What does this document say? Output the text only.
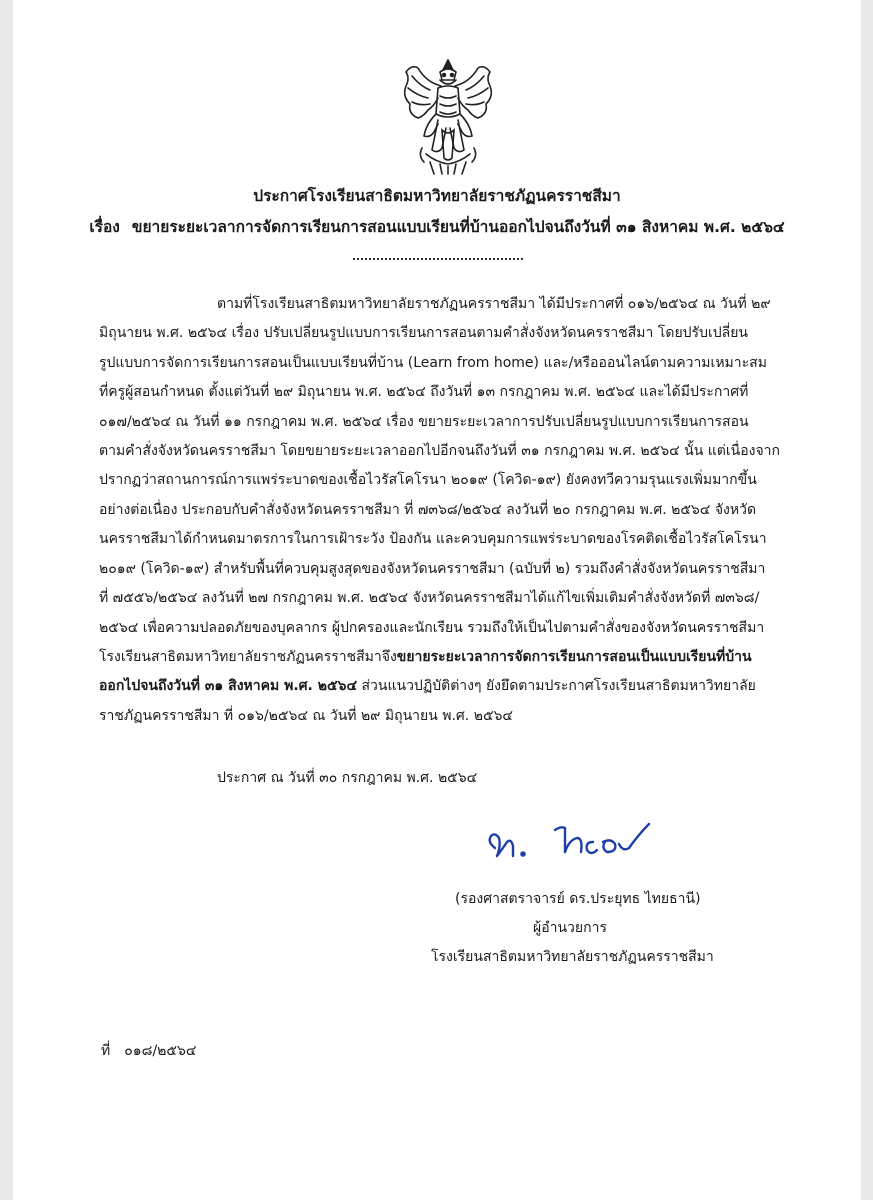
ประกาศโรงเรียนสาธิตมหาวิทยาลัยราชภัฏนครราชสีมา
เรื่อง ขยายระยะเวลาการจัดการเรียนการสอนแบบเรียนที่บ้านออกไปจนถึงวันที่ ๓๑ สิงหาคม พ.ศ. ๒๕๖๔
ตามที่โรงเรียนสาธิตมหาวิทยาลัยราชภัฏนครราชสีมา ได้มีประกาศที่ ๐๑๖/๒๕๖๔ ณ วันที่ ๒๙
มิถุนายน พ.ศ. ๒๕๖๔ เรื่อง ปรับเปลี่ยนรูปแบบการเรียนการสอนตามคำสั่งจังหวัดนครราชสีมา โดยปรับเปลี่ยน
รูปแบบการจัดการเรียนการสอนเป็นแบบเรียนที่บ้าน (Learn from home) และ/หรือออนไลน์ตามความเหมาะสม
ที่ครูผู้สอนกำหนด ตั้งแต่วันที่ ๒๙ มิถุนายน พ.ศ. ๒๕๖๔ ถึงวันที่ ๑๓ กรกฎาคม พ.ศ. ๒๕๖๔ และได้มีประกาศที่
๐๑๗/๒๕๖๔ ณ วันที่ ๑๑ กรกฎาคม พ.ศ. ๒๕๖๔ เรื่อง ขยายระยะเวลาการปรับเปลี่ยนรูปแบบการเรียนการสอน
ตามคำสั่งจังหวัดนครราชสีมา โดยขยายระยะเวลาออกไปอีกจนถึงวันที่ ๓๑ กรกฎาคม พ.ศ. ๒๕๖๔ นั้น แต่เนื่องจาก
ปรากฏว่าสถานการณ์การแพร่ระบาดของเชื้อไวรัสโคโรนา ๒๐๑๙ (โควิด-๑๙) ยังคงทวีความรุนแรงเพิ่มมากขึ้น
อย่างต่อเนื่อง ประกอบกับคำสั่งจังหวัดนครราชสีมา ที่ ๗๓๖๘/๒๕๖๔ ลงวันที่ ๒๐ กรกฎาคม พ.ศ. ๒๕๖๔ จังหวัด
นครราชสีมาได้กำหนดมาตรการในการเฝ้าระวัง ป้องกัน และควบคุมการแพร่ระบาดของโรคติดเชื้อไวรัสโคโรนา
๒๐๑๙ (โควิด-๑๙) สำหรับพื้นที่ควบคุมสูงสุดของจังหวัดนครราชสีมา (ฉบับที่ ๒) รวมถึงคำสั่งจังหวัดนครราชสีมา
ที่ ๗๕๕๖/๒๕๖๔ ลงวันที่ ๒๗ กรกฎาคม พ.ศ. ๒๕๖๔ จังหวัดนครราชสีมาได้แก้ไขเพิ่มเติมคำสั่งจังหวัดที่ ๗๓๖๘/
๒๕๖๔ เพื่อความปลอดภัยของบุคลากร ผู้ปกครองและนักเรียน รวมถึงให้เป็นไปตามคำสั่งของจังหวัดนครราชสีมา
โรงเรียนสาธิตมหาวิทยาลัยราชภัฏนครราชสีมาจึงขยายระยะเวลาการจัดการเรียนการสอนเป็นแบบเรียนที่บ้าน
ออกไปจนถึงวันที่ ๓๑ สิงหาคม พ.ศ. ๒๕๖๔ ส่วนแนวปฏิบัติต่างๆ ยังยึดตามประกาศโรงเรียนสาธิตมหาวิทยาลัย
ราชภัฏนครราชสีมา ที่ ๐๑๖/๒๕๖๔ ณ วันที่ ๒๙ มิถุนายน พ.ศ. ๒๕๖๔
ประกาศ ณ วันที่ ๓๐ กรกฎาคม พ.ศ. ๒๕๖๔
(รองศาสตราจารย์ ดร.ประยุทธ ไทยธานี)
ผู้อำนวยการ
โรงเรียนสาธิตมหาวิทยาลัยราชภัฏนครราชสีมา
ที่ ๐๑๘/๒๕๖๔
